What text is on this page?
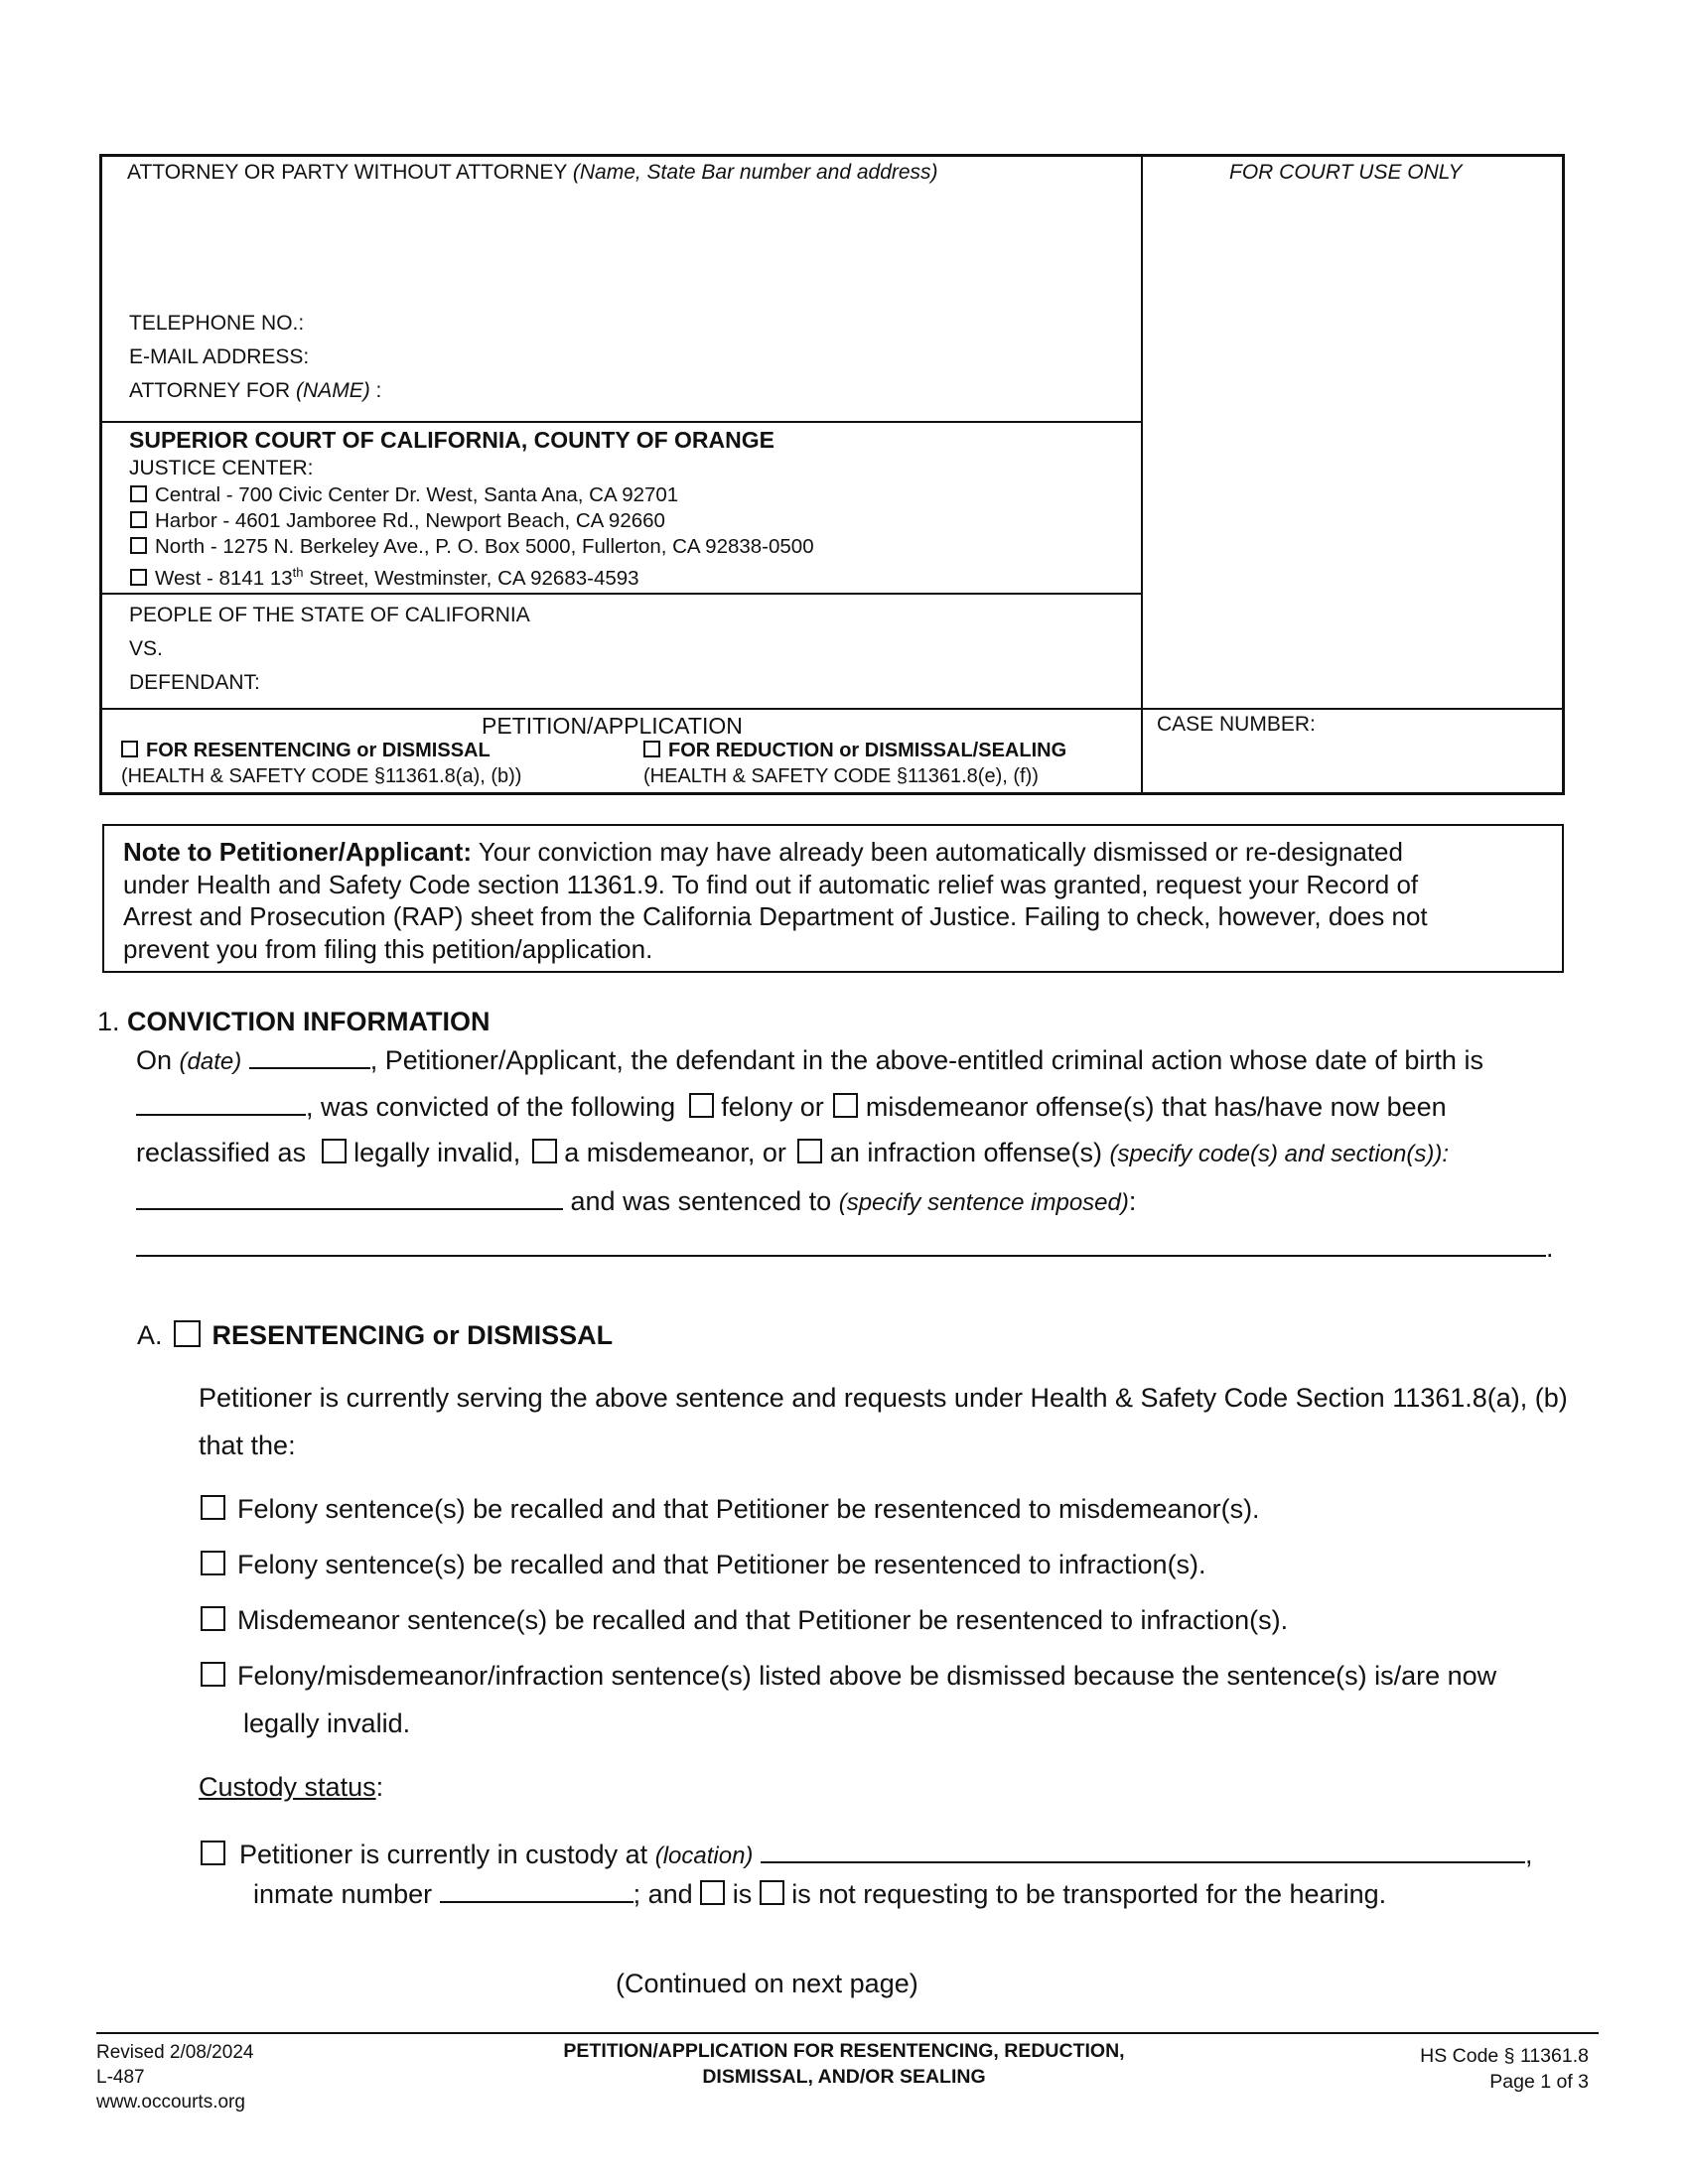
ATTORNEY OR PARTY WITHOUT ATTORNEY (Name, State Bar number and address)	FOR COURT USE ONLY
TELEPHONE NO.:
E-MAIL ADDRESS:
ATTORNEY FOR (NAME) :
SUPERIOR COURT OF CALIFORNIA, COUNTY OF ORANGE
JUSTICE CENTER:
Central - 700 Civic Center Dr. West, Santa Ana, CA 92701
Harbor - 4601 Jamboree Rd., Newport Beach, CA 92660
North - 1275 N. Berkeley Ave., P. O. Box 5000, Fullerton, CA 92838-0500
West - 8141 13th Street, Westminster, CA 92683-4593
PEOPLE OF THE STATE OF CALIFORNIA
VS.
DEFENDANT:
PETITION/APPLICATION
FOR RESENTENCING or DISMISSAL
(HEALTH & SAFETY CODE §11361.8(a), (b))
FOR REDUCTION or DISMISSAL/SEALING
(HEALTH & SAFETY CODE §11361.8(e), (f))
CASE NUMBER:
Note to Petitioner/Applicant: Your conviction may have already been automatically dismissed or re-designated
under Health and Safety Code section 11361.9. To find out if automatic relief was granted, request your Record of
Arrest and Prosecution (RAP) sheet from the California Department of Justice. Failing to check, however, does not
prevent you from filing this petition/application.
1. CONVICTION INFORMATION
On (date)	, Petitioner/Applicant, the defendant in the above-entitled criminal action whose date of birth is
, was convicted of the following felony or misdemeanor offense(s) that has/have now been
reclassified as legally invalid, a misdemeanor, or an infraction offense(s) (specify code(s) and section(s)):
and was sentenced to (specify sentence imposed):
.
A. RESENTENCING or DISMISSAL
Petitioner is currently serving the above sentence and requests under Health & Safety Code Section 11361.8(a), (b)
that the:
Felony sentence(s) be recalled and that Petitioner be resentenced to misdemeanor(s).
Felony sentence(s) be recalled and that Petitioner be resentenced to infraction(s).
Misdemeanor sentence(s) be recalled and that Petitioner be resentenced to infraction(s).
Felony/misdemeanor/infraction sentence(s) listed above be dismissed because the sentence(s) is/are now
legally invalid.
Custody status:
Petitioner is currently in custody at (location)	,
inmate number	; and is is not requesting to be transported for the hearing.
(Continued on next page)
Revised 2/08/2024
L-487
www.occourts.org
PETITION/APPLICATION FOR RESENTENCING, REDUCTION,
DISMISSAL, AND/OR SEALING
HS Code § 11361.8
Page 1 of 3
